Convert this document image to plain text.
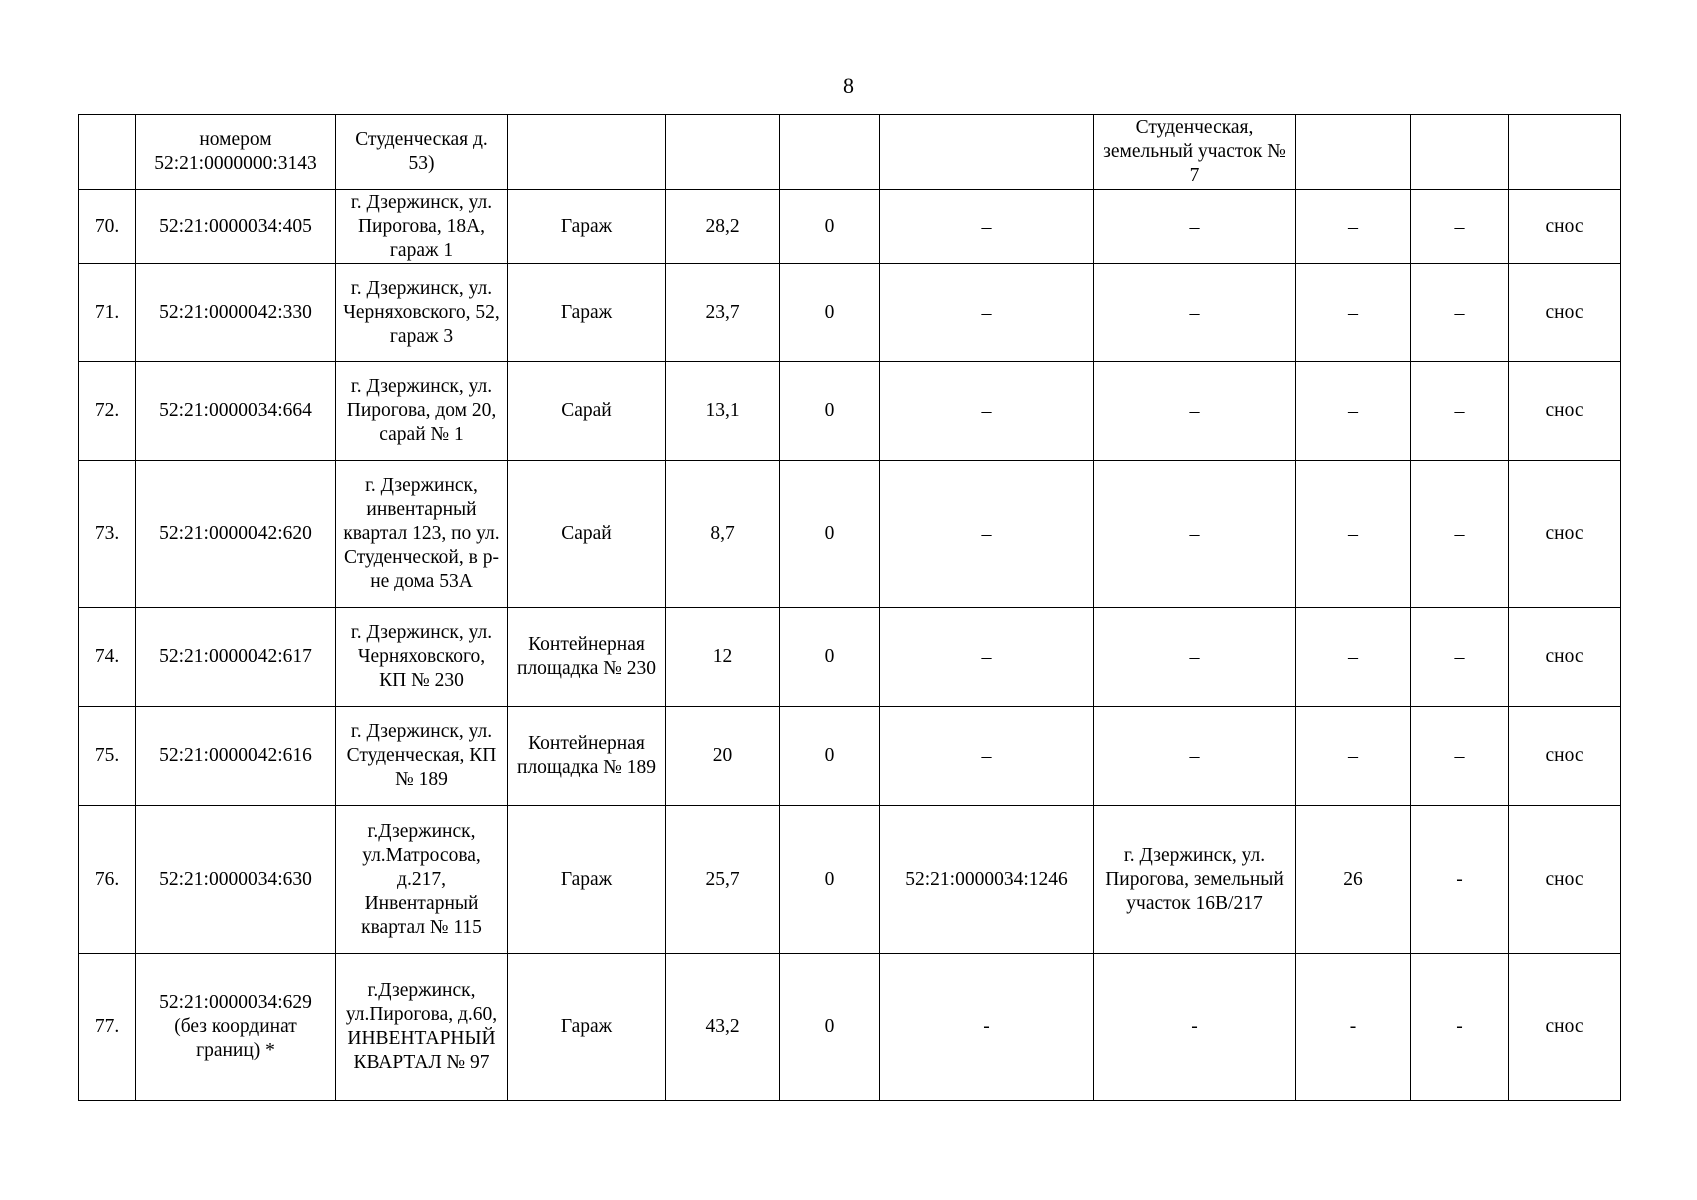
8
	номером 52:21:0000000:3143	Студенческая д. 53)					Студенческая, земельный участок № 7			
70.	52:21:0000034:405	г. Дзержинск, ул. Пирогова, 18А, гараж 1	Гараж	28,2	0	–	–	–	–	снос
71.	52:21:0000042:330	г. Дзержинск, ул. Черняховского, 52, гараж 3	Гараж	23,7	0	–	–	–	–	снос
72.	52:21:0000034:664	г. Дзержинск, ул. Пирогова, дом 20, сарай № 1	Сарай	13,1	0	–	–	–	–	снос
73.	52:21:0000042:620	г. Дзержинск, инвентарный квартал 123, по ул. Студенческой, в р-не дома 53А	Сарай	8,7	0	–	–	–	–	снос
74.	52:21:0000042:617	г. Дзержинск, ул. Черняховского, КП № 230	Контейнерная площадка № 230	12	0	–	–	–	–	снос
75.	52:21:0000042:616	г. Дзержинск, ул. Студенческая, КП № 189	Контейнерная площадка № 189	20	0	–	–	–	–	снос
76.	52:21:0000034:630	г.Дзержинск, ул.Матросова, д.217, Инвентарный квартал № 115	Гараж	25,7	0	52:21:0000034:1246	г. Дзержинск, ул. Пирогова, земельный участок 16В/217	26	-	снос
77.	52:21:0000034:629 (без координат границ) *	г.Дзержинск, ул.Пирогова, д.60, ИНВЕНТАРНЫЙ КВАРТАЛ № 97	Гараж	43,2	0	-	-	-	-	снос
